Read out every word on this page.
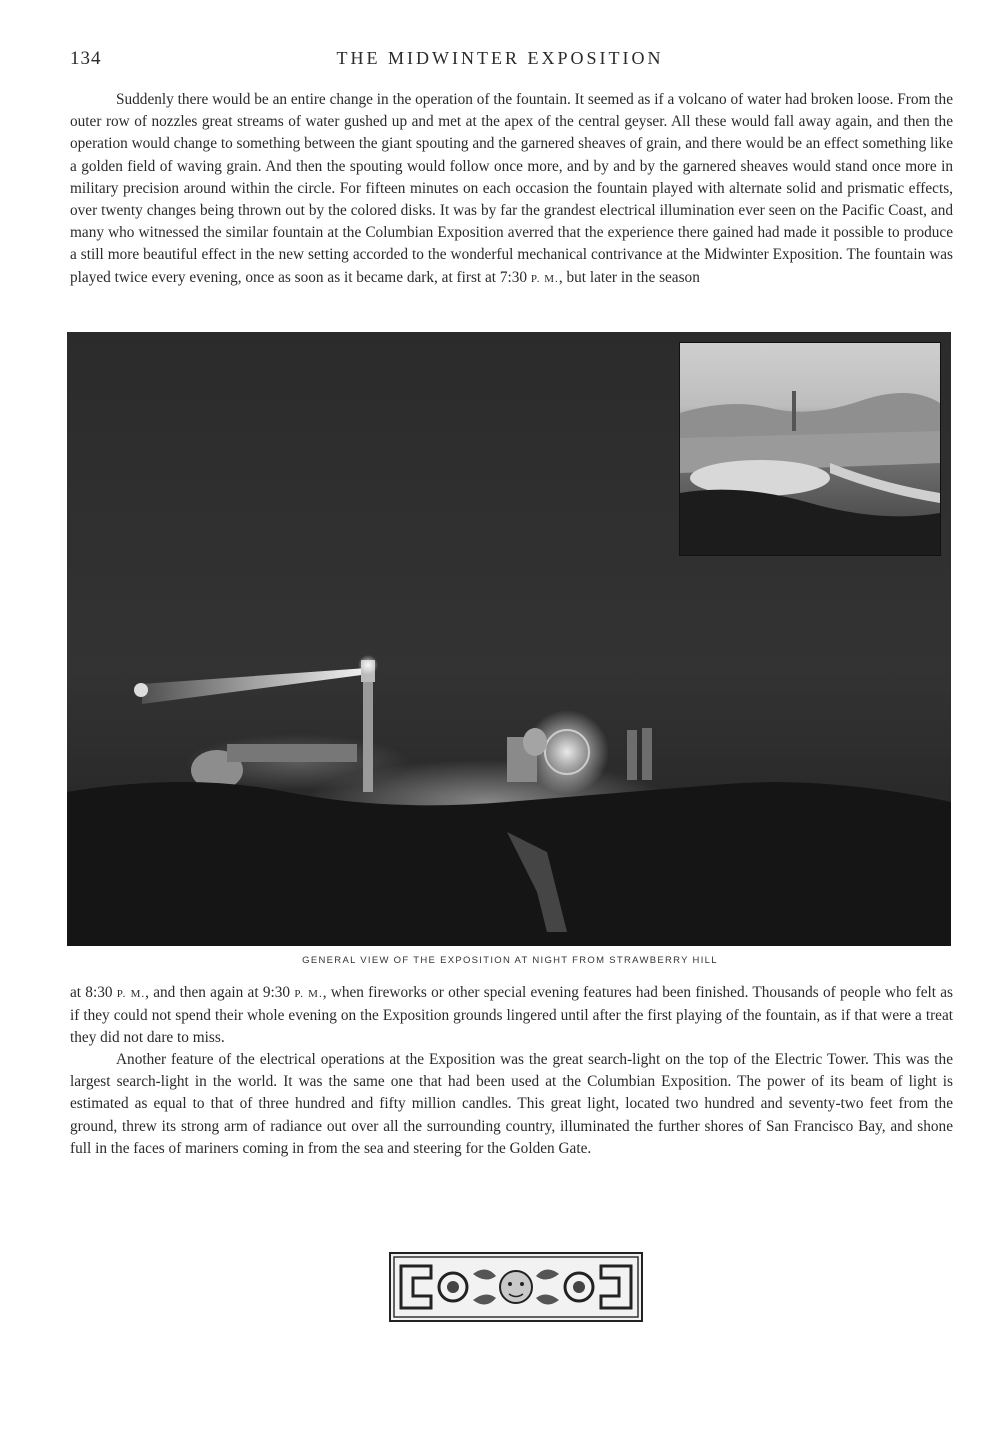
134	THE MIDWINTER EXPOSITION

Suddenly there would be an entire change in the operation of the fountain. It seemed as if a volcano of water had broken loose. From the outer row of nozzles great streams of water gushed up and met at the apex of the central geyser. All these would fall away again, and then the operation would change to something between the giant spouting and the garnered sheaves of grain, and there would be an effect something like a golden field of waving grain. And then the spouting would follow once more, and by and by the garnered sheaves would stand once more in military precision around within the circle. For fifteen minutes on each occasion the fountain played with alternate solid and prismatic effects, over twenty changes being thrown out by the colored disks. It was by far the grandest electrical illumination ever seen on the Pacific Coast, and many who witnessed the similar fountain at the Columbian Exposition averred that the experience there gained had made it possible to produce a still more beautiful effect in the new setting accorded to the wonderful mechanical contrivance at the Midwinter Exposition. The fountain was played twice every evening, once as soon as it became dark, at first at 7:30 P. M., but later in the season

GENERAL VIEW OF THE EXPOSITION AT NIGHT FROM STRAWBERRY HILL

at 8:30 P. M., and then again at 9:30 P. M., when fireworks or other special evening features had been finished. Thousands of people who felt as if they could not spend their whole evening on the Exposition grounds lingered until after the first playing of the fountain, as if that were a treat they did not dare to miss.

Another feature of the electrical operations at the Exposition was the great search-light on the top of the Electric Tower. This was the largest search-light in the world. It was the same one that had been used at the Columbian Exposition. The power of its beam of light is estimated as equal to that of three hundred and fifty million candles. This great light, located two hundred and seventy-two feet from the ground, threw its strong arm of radiance out over all the surrounding country, illuminated the further shores of San Francisco Bay, and shone full in the faces of mariners coming in from the sea and steering for the Golden Gate.
